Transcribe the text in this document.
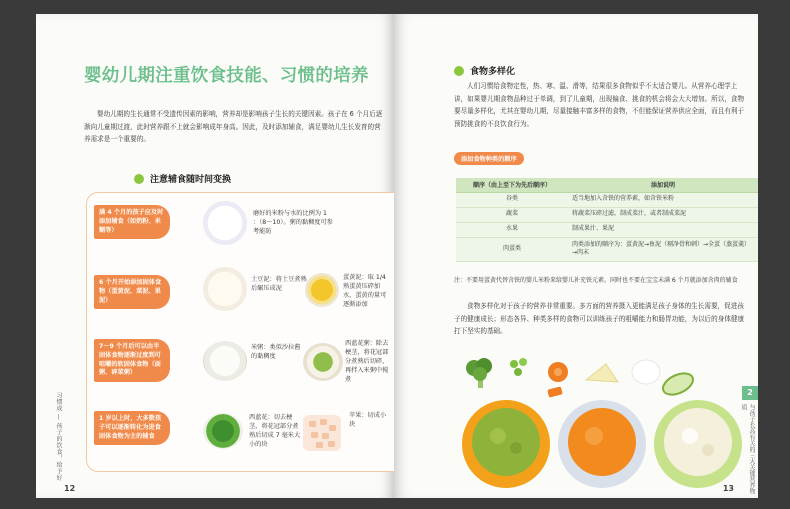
婴幼儿期注重饮食技能、习惯的培养
婴幼儿期的生长通常不受遗传因素的影响，营养却是影响孩子生长的关键因素。孩子在 6 个月后逐渐向儿童期过渡，此时营养跟不上就会影响成年身高。因此，及时添加辅食，满足婴幼儿生长发育的营养需求是一个重要的。
注意辅食随时间变换
满 4 个月的孩子应及时添加辅食（如奶粉、米糊等）
磨好的米粉与水的比例为 1 ：（8～10）。粥的黏稠度可参考能防
6 个月开始添加固体食物（蛋黄泥、菜泥、果泥）
土豆泥：将土豆煮熟后碾压成泥
蛋黄泥：取 1/4 熟蛋黄压碎加水，蛋黄的量可逐渐添加
7～9 个月后可以由半固体食物逐渐过度到可咀嚼的软固体食物（面粥、碎菜粥）
米粥：类似沙拉酱的黏稠度
西蓝花粥：除去梗茎，将花冠部分煮熟后切碎，再拌入米粥中搅煮
1 岁以上时，大多数孩子可以逐渐转化为进食固体食物为主的辅食
西蓝花：切去梗茎，将花冠部分煮熟后切成 7 毫米大小的块
苹果：切成小块
习惯成 — 孩子的饮食，给予好
12
食物多样化
人们习惯给食物定性，热、寒、温、滑等，结果很多食物似乎不太适合婴儿。从营养心理学上讲，如果婴儿期食物品种过于单调，到了儿童期，出现偏食、挑食的机会将会大大增加。所以，食物要尽量多样化，尤其在婴幼儿期，尽量接触丰富多样的食物，不但能保证营养供应全面，而且有利于预防挑食的不良饮食行为。
添加食物种类的顺序
顺序（由上至下为先后顺序）	添加说明
谷类	适当地加入含铁的营养素，如含铁米粉
蔬菜	将蔬菜压碎过滤，制成菜汁，或者制成菜泥
水果	制成果汁、果泥
肉蛋类	肉类添加的顺序为：蛋黄泥→鱼泥（剔净骨和刺）→全蛋（蒸蛋羹）→肉末
注：不要用蛋黄代替含铁的婴儿米粉来给婴儿补充铁元素。同时也不要在宝宝未满 6 个月就添加含肉的辅食
食物多样化对于孩子的营养非常重要。多方面的营养摄入更能满足孩子身体的生长需要，促进孩子的健康成长；形态各异、种类多样的食物可以训练孩子的咀嚼能力和肠胃功能，为以后的身体健康打下坚实的基础。
2
与孩子长高有关的三大关键营养物质
13
